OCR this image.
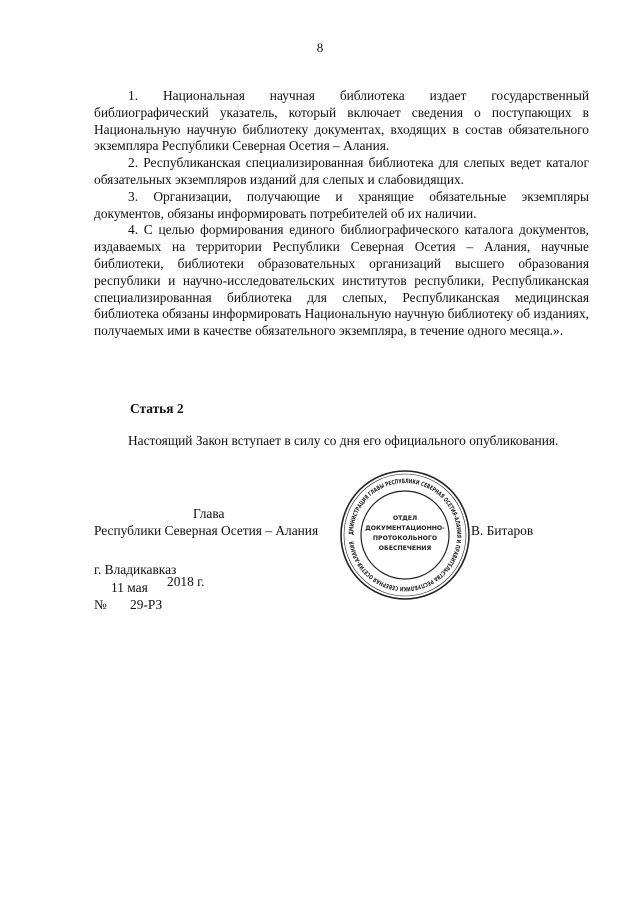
8

1. Национальная научная библиотека издает государственный библиографический указатель, который включает сведения о поступающих в Национальную научную библиотеку документах, входящих в состав обязательного экземпляра Республики Северная Осетия – Алания.

2. Республиканская специализированная библиотека для слепых ведет каталог обязательных экземпляров изданий для слепых и слабовидящих.

3. Организации, получающие и хранящие обязательные экземпляры документов, обязаны информировать потребителей об их наличии.

4. С целью формирования единого библиографического каталога документов, издаваемых на территории Республики Северная Осетия – Алания, научные библиотеки, библиотеки образовательных организаций высшего образования республики и научно-исследовательских институтов республики, Республиканская специализированная библиотека для слепых, Республиканская медицинская библиотека обязаны информировать Национальную научную библиотеку об изданиях, получаемых ими в качестве обязательного экземпляра, в течение одного месяца.».

Статья 2

Настоящий Закон вступает в силу со дня его официального опубликования.

Глава
Республики Северная Осетия – Алания	В. Битаров
г. Владикавказ
11 мая 2018 г.
№ 29-РЗ
ДМИНИСТРАЦИЯ ГЛАВЫ РЕСПУБЛИКИ СЕВЕРНАЯ ОСЕТИЯ-АЛАНИЯ И ПРАВИТЕЛЬСТВА РЕСПУБЛИКИ СЕВЕРНАЯ ОСЕТИЯ-АЛАНИЯ
ОТДЕЛ
ДОКУМЕНТАЦИОННО-
ПРОТОКОЛЬНОГО
ОБЕСПЕЧЕНИЯ
